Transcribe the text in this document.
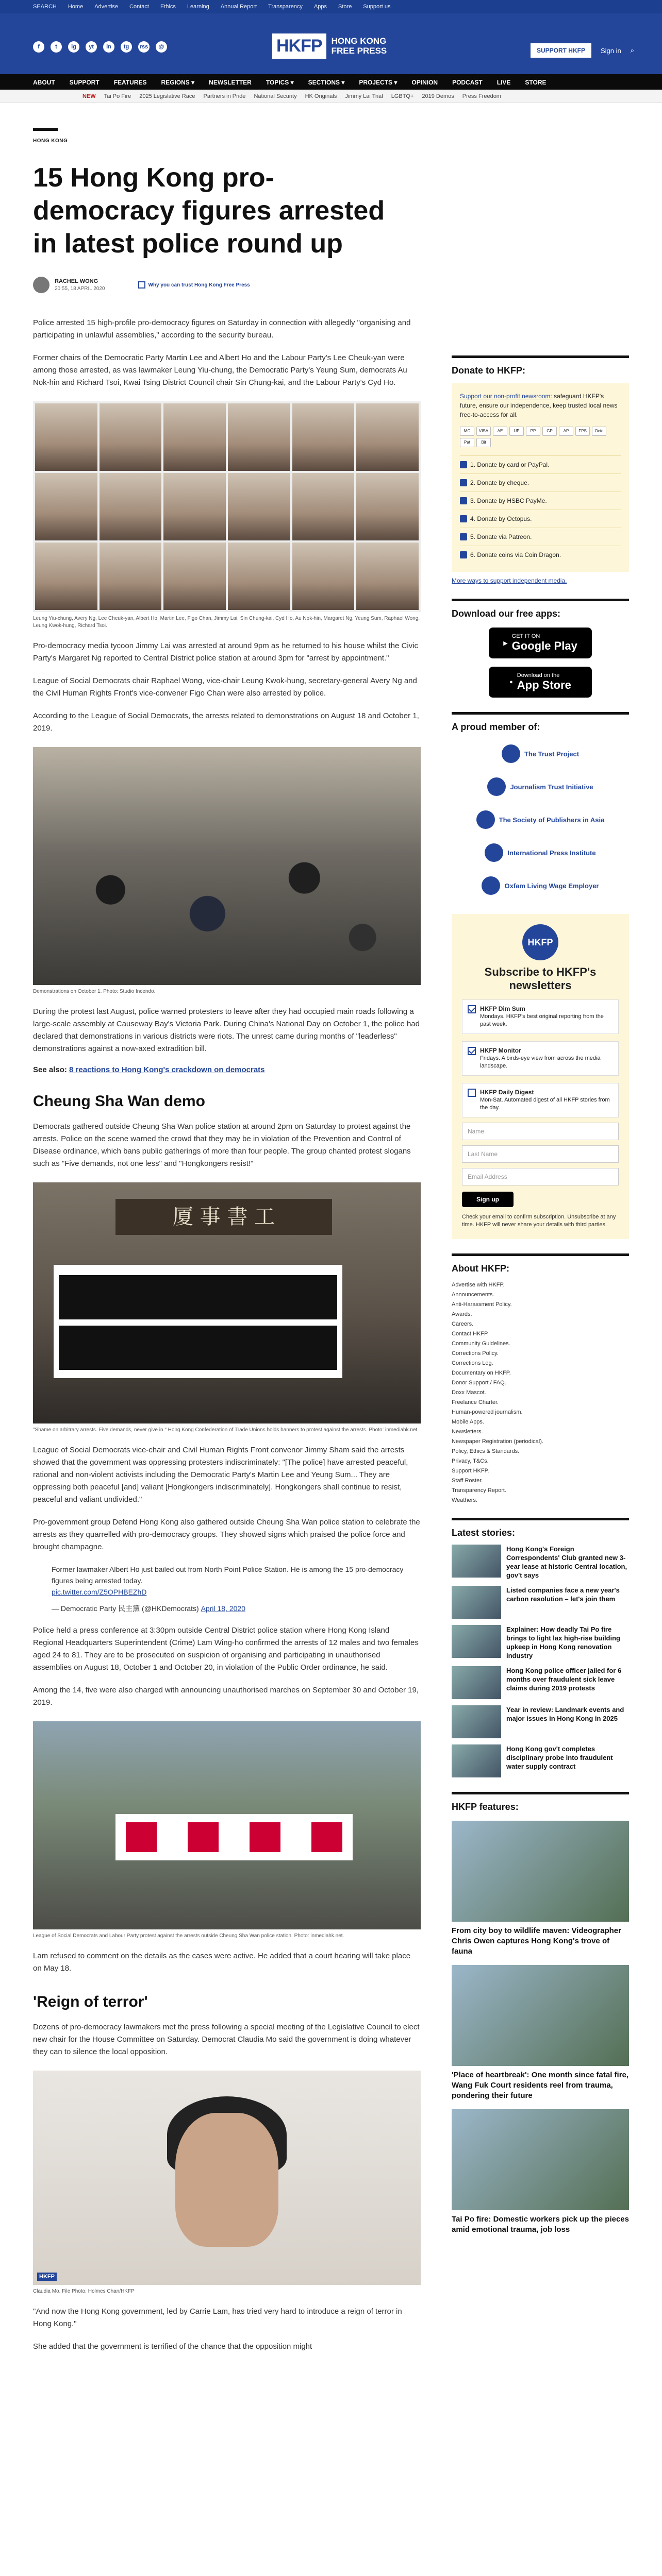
SEARCH Home Advertise Contact Ethics Learning Annual Report Transparency Apps Store Support us
f	t	ig	yt	in	tg	rss	@	HKFP	HONG KONG
FREE PRESS	SUPPORT HKFP	Sign in ⌕
ABOUT SUPPORT FEATURES REGIONS ▾ NEWSLETTER TOPICS ▾ SECTIONS ▾ PROJECTS ▾ OPINION PODCAST LIVE STORE
NEW Tai Po Fire 2025 Legislative Race Partners in Pride National Security HK Originals Jimmy Lai Trial LGBTQ+ 2019 Demos Press Freedom
HONG KONG
15 Hong Kong pro-democracy figures arrested in latest police round up
RACHEL WONG
20:55, 18 APRIL 2020
Why you can trust Hong Kong Free Press
Police arrested 15 high-profile pro-democracy figures on Saturday in connection with allegedly "organising and participating in unlawful assemblies," according to the security bureau.
Former chairs of the Democratic Party Martin Lee and Albert Ho and the Labour Party's Lee Cheuk-yan were among those arrested, as was lawmaker Leung Yiu-chung, the Democratic Party's Yeung Sum, democrats Au Nok-hin and Richard Tsoi, Kwai Tsing District Council chair Sin Chung-kai, and the Labour Party's Cyd Ho.
Leung Yiu-chung, Avery Ng, Lee Cheuk-yan, Albert Ho, Martin Lee, Figo Chan, Jimmy Lai, Sin Chung-kai, Cyd Ho, Au Nok-hin, Margaret Ng, Yeung Sum, Raphael Wong, Leung Kwok-hung, Richard Tsoi.
Pro-democracy media tycoon Jimmy Lai was arrested at around 9pm as he returned to his house whilst the Civic Party's Margaret Ng reported to Central District police station at around 3pm for "arrest by appointment."
League of Social Democrats chair Raphael Wong, vice-chair Leung Kwok-hung, secretary-general Avery Ng and the Civil Human Rights Front's vice-convener Figo Chan were also arrested by police.
According to the League of Social Democrats, the arrests related to demonstrations on August 18 and October 1, 2019.
Demonstrations on October 1. Photo: Studio Incendo.
During the protest last August, police warned protesters to leave after they had occupied main roads following a large-scale assembly at Causeway Bay's Victoria Park. During China's National Day on October 1, the police had declared that demonstrations in various districts were riots. The unrest came during months of "leaderless" demonstrations against a now-axed extradition bill.
See also: 8 reactions to Hong Kong's crackdown on democrats
Cheung Sha Wan demo
Democrats gathered outside Cheung Sha Wan police station at around 2pm on Saturday to protest against the arrests. Police on the scene warned the crowd that they may be in violation of the Prevention and Control of Disease ordinance, which bans public gatherings of more than four people. The group chanted protest slogans such as "Five demands, not one less" and "Hongkongers resist!"
厦 事 書 工
"Shame on arbitrary arrests. Five demands, never give in." Hong Kong Confederation of Trade Unions holds banners to protest against the arrests. Photo: inmediahk.net.
League of Social Democrats vice-chair and Civil Human Rights Front convenor Jimmy Sham said the arrests showed that the government was oppressing protesters indiscriminately: "[The police] have arrested peaceful, rational and non-violent activists including the Democratic Party's Martin Lee and Yeung Sum... They are oppressing both peaceful [and] valiant [Hongkongers indiscriminately]. Hongkongers shall continue to resist, peaceful and valiant undivided."
Pro-government group Defend Hong Kong also gathered outside Cheung Sha Wan police station to celebrate the arrests as they quarrelled with pro-democracy groups. They showed signs which praised the police force and brought champagne.
Former lawmaker Albert Ho just bailed out from North Point Police Station. He is among the 15 pro-democracy figures being arrested today.
pic.twitter.com/Z5OPHBEZhD
— Democratic Party 民主黨 (@HKDemocrats) April 18, 2020
Police held a press conference at 3:30pm outside Central District police station where Hong Kong Island Regional Headquarters Superintendent (Crime) Lam Wing-ho confirmed the arrests of 12 males and two females aged 24 to 81. They are to be prosecuted on suspicion of organising and participating in unauthorised assemblies on August 18, October 1 and October 20, in violation of the Public Order ordinance, he said.
Among the 14, five were also charged with announcing unauthorised marches on September 30 and October 19, 2019.
League of Social Democrats and Labour Party protest against the arrests outside Cheung Sha Wan police station. Photo: inmediahk.net.
Lam refused to comment on the details as the cases were active. He added that a court hearing will take place on May 18.
'Reign of terror'
Dozens of pro-democracy lawmakers met the press following a special meeting of the Legislative Council to elect new chair for the House Committee on Saturday. Democrat Claudia Mo said the government is doing whatever they can to silence the local opposition.
HKFP
Claudia Mo. File Photo: Holmes Chan/HKFP
"And now the Hong Kong government, led by Carrie Lam, has tried very hard to introduce a reign of terror in Hong Kong."
She added that the government is terrified of the chance that the opposition might
Donate to HKFP:
Support our non-profit newsroom: safeguard HKFP's future, ensure our independence, keep trusted local news free-to-access for all.
MC	VISA	AE	UP	PP	GP	AP	FPS	Octo
Pat	Bit
1. Donate by card or PayPal.
2. Donate by cheque.
3. Donate by HSBC PayMe.
4. Donate by Octopus.
5. Donate via Patreon.
6. Donate coins via Coin Dragon.
More ways to support independent media.
Download our free apps:
▶
GET IT ON
Google Play
●
Download on the
App Store
A proud member of:
The Trust Project
Journalism Trust Initiative
The Society of Publishers in Asia
International Press Institute
Oxfam Living Wage Employer
HKFP
Subscribe to HKFP's newsletters
HKFP Dim Sum
Mondays. HKFP's best original reporting from the past week.
HKFP Monitor
Fridays. A birds-eye view from across the media landscape.
HKFP Daily Digest
Mon-Sat. Automated digest of all HKFP stories from the day.
Name
Last Name
Email Address
Sign up
Check your email to confirm subscription. Unsubscribe at any time. HKFP will never share your details with third parties.
About HKFP:
Advertise with HKFP.
Announcements.
Anti-Harassment Policy.
Awards.
Careers.
Contact HKFP.
Community Guidelines.
Corrections Policy.
Corrections Log.
Documentary on HKFP.
Donor Support / FAQ.
Doxx Mascot.
Freelance Charter.
Human-powered journalism.
Mobile Apps.
Newsletters.
Newspaper Registration (periodical).
Policy, Ethics & Standards.
Privacy, T&Cs.
Support HKFP.
Staff Roster.
Transparency Report.
Weathers.
Latest stories:
Hong Kong's Foreign Correspondents' Club granted new 3-year lease at historic Central location, gov't says
Listed companies face a new year's carbon resolution – let's join them
Explainer: How deadly Tai Po fire brings to light lax high-rise building upkeep in Hong Kong renovation industry
Hong Kong police officer jailed for 6 months over fraudulent sick leave claims during 2019 protests
Year in review: Landmark events and major issues in Hong Kong in 2025
Hong Kong gov't completes disciplinary probe into fraudulent water supply contract
HKFP features:
From city boy to wildlife maven: Videographer Chris Owen captures Hong Kong's trove of fauna
'Place of heartbreak': One month since fatal fire, Wang Fuk Court residents reel from trauma, pondering their future
Tai Po fire: Domestic workers pick up the pieces amid emotional trauma, job loss
